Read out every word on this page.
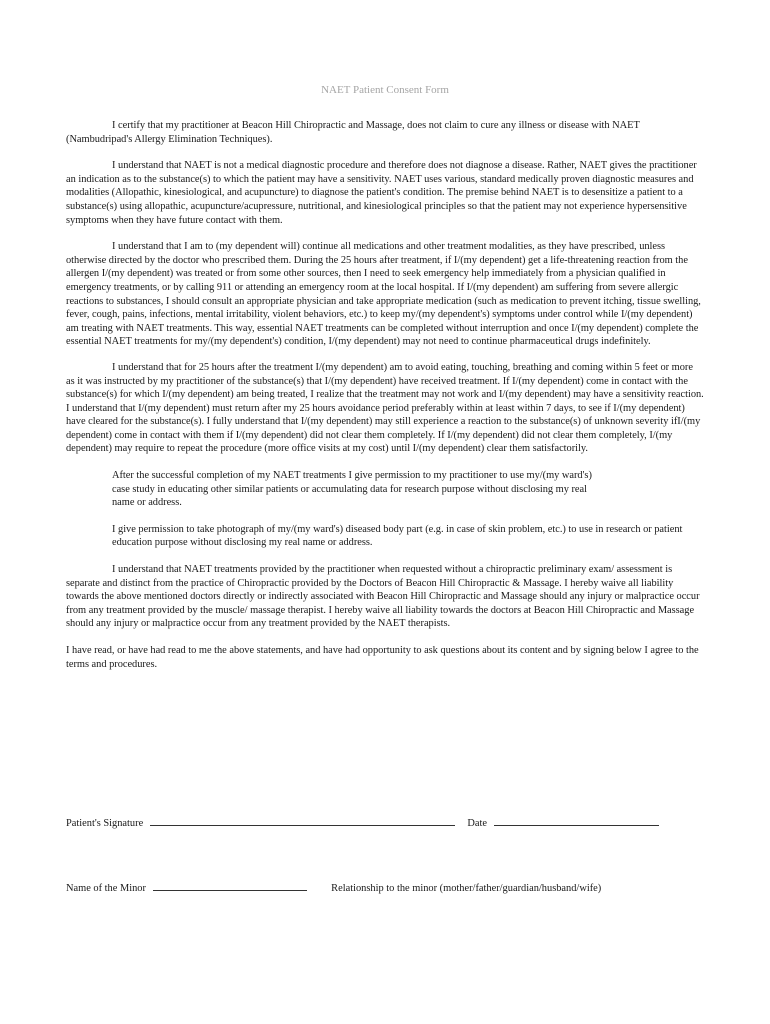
NAET Patient Consent Form

I certify that my practitioner at Beacon Hill Chiropractic and Massage, does not claim to cure any illness or disease with NAET (Nambudripad's Allergy Elimination Techniques).

I understand that NAET is not a medical diagnostic procedure and therefore does not diagnose a disease. Rather, NAET gives the practitioner an indication as to the substance(s) to which the patient may have a sensitivity. NAET uses various, standard medically proven diagnostic measures and modalities (Allopathic, kinesiological, and acupuncture) to diagnose the patient's condition. The premise behind NAET is to desensitize a patient to a substance(s) using allopathic, acupuncture/acupressure, nutritional, and kinesiological principles so that the patient may not experience hypersensitive symptoms when they have future contact with them.

I understand that I am to (my dependent will) continue all medications and other treatment modalities, as they have prescribed, unless otherwise directed by the doctor who prescribed them. During the 25 hours after treatment, if I/(my dependent) get a life-threatening reaction from the allergen I/(my dependent) was treated or from some other sources, then I need to seek emergency help immediately from a physician qualified in emergency treatments, or by calling 911 or attending an emergency room at the local hospital. If I/(my dependent) am suffering from severe allergic reactions to substances, I should consult an appropriate physician and take appropriate medication (such as medication to prevent itching, tissue swelling, fever, cough, pains, infections, mental irritability, violent behaviors, etc.) to keep my/(my dependent's) symptoms under control while I/(my dependent) am treating with NAET treatments. This way, essential NAET treatments can be completed without interruption and once I/(my dependent) complete the essential NAET treatments for my/(my dependent's) condition, I/(my dependent) may not need to continue pharmaceutical drugs indefinitely.

I understand that for 25 hours after the treatment I/(my dependent) am to avoid eating, touching, breathing and coming within 5 feet or more as it was instructed by my practitioner of the substance(s) that I/(my dependent) have received treatment. If I/(my dependent) come in contact with the substance(s) for which I/(my dependent) am being treated, I realize that the treatment may not work and I/(my dependent) may have a sensitivity reaction. I understand that I/(my dependent) must return after my 25 hours avoidance period preferably within at least within 7 days, to see if I/(my dependent) have cleared for the substance(s). I fully understand that I/(my dependent) may still experience a reaction to the substance(s) of unknown severity ifI/(my dependent) come in contact with them if I/(my dependent) did not clear them completely. If I/(my dependent) did not clear them completely, I/(my dependent) may require to repeat the procedure (more office visits at my cost) until I/(my dependent) clear them satisfactorily.

After the successful completion of my NAET treatments I give permission to my practitioner to use my/(my ward's) case study in educating other similar patients or accumulating data for research purpose without disclosing my real name or address.

I give permission to take photograph of my/(my ward's) diseased body part (e.g. in case of skin problem, etc.) to use in research or patient education purpose without disclosing my real name or address.

I understand that NAET treatments provided by the practitioner when requested without a chiropractic preliminary exam/ assessment is separate and distinct from the practice of Chiropractic provided by the Doctors of Beacon Hill Chiropractic & Massage. I hereby waive all liability towards the above mentioned doctors directly or indirectly associated with Beacon Hill Chiropractic and Massage should any injury or malpractice occur from any treatment provided by the muscle/ massage therapist. I hereby waive all liability towards the doctors at Beacon Hill Chiropractic and Massage should any injury or malpractice occur from any treatment provided by the NAET therapists.

I have read, or have had read to me the above statements, and have had opportunity to ask questions about its content and by signing below I agree to the terms and procedures.

Patient's Signature	Date
Name of the Minor	Relationship to the minor (mother/father/guardian/husband/wife)
